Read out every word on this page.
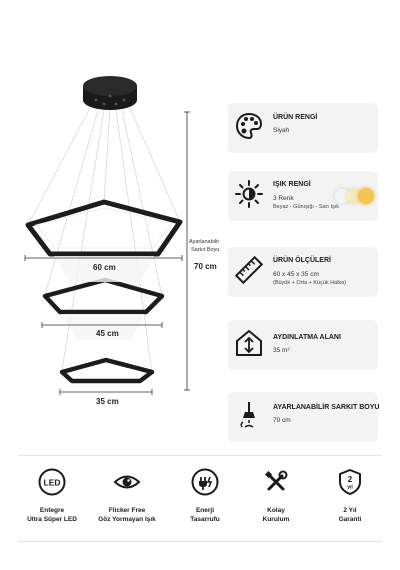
60 cm
45 cm
35 cm
Ayarlanabilir
Sarkıt Boyu
70 cm
ÜRÜN RENGİ
Siyah
IŞIK RENGİ
3 Renk
Beyaz - Günışığı - Sarı Işık
ÜRÜN ÖLÇÜLERİ
60 x 45 x 35 cm
(Büyük + Orta + Küçük Halka)
AYDINLATMA ALANI
35 m²
AYARLANABİLİR SARKIT BOYU
70 cm
LED
Entegre
Ultra Süper LED
Flicker Free
Göz Yormayan Işık
Enerji
Tasarrufu
Kolay
Kurulum
2
yıl
2 Yıl
Garanti
